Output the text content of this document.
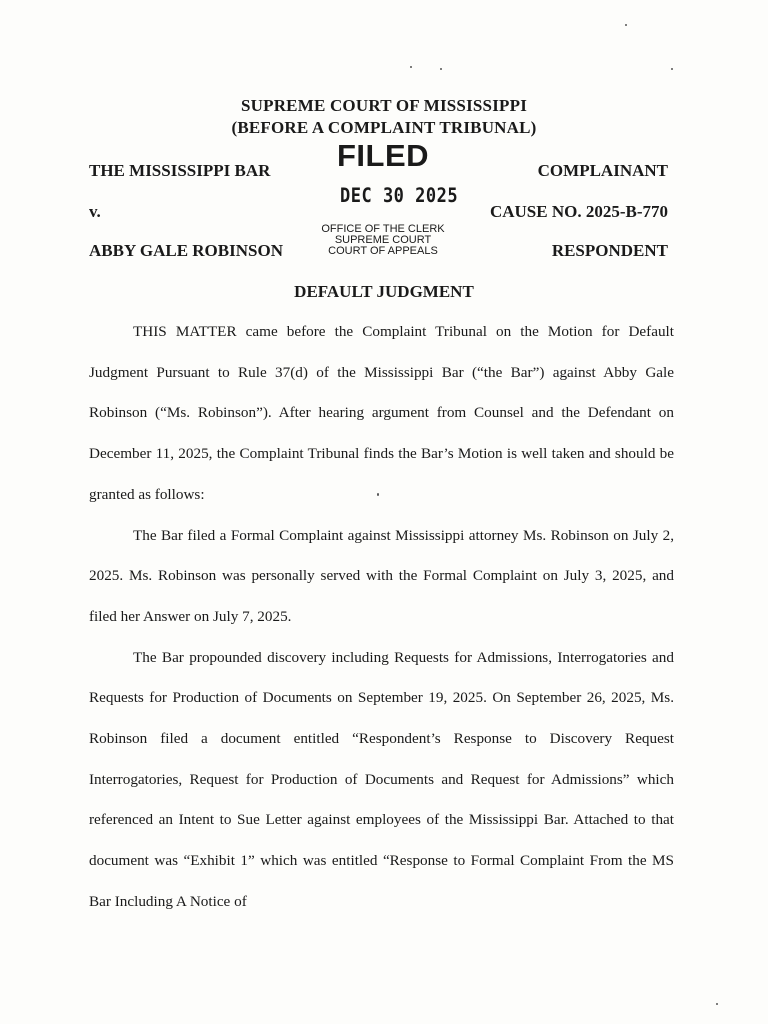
SUPREME COURT OF MISSISSIPPI
(BEFORE A COMPLAINT TRIBUNAL)
THE MISSISSIPPI BAR	COMPLAINANT
v.	CAUSE NO. 2025-B-770
ABBY GALE ROBINSON	RESPONDENT
FILED
DEC 30 2025
OFFICE OF THE CLERK
SUPREME COURT
COURT OF APPEALS
DEFAULT JUDGMENT

THIS MATTER came before the Complaint Tribunal on the Motion for Default Judgment Pursuant to Rule 37(d) of the Mississippi Bar (“the Bar”) against Abby Gale Robinson (“Ms. Robinson”). After hearing argument from Counsel and the Defendant on December 11, 2025, the Complaint Tribunal finds the Bar’s Motion is well taken and should be granted as follows:

The Bar filed a Formal Complaint against Mississippi attorney Ms. Robinson on July 2, 2025. Ms. Robinson was personally served with the Formal Complaint on July 3, 2025, and filed her Answer on July 7, 2025.

The Bar propounded discovery including Requests for Admissions, Interrogatories and Requests for Production of Documents on September 19, 2025. On September 26, 2025, Ms. Robinson filed a document entitled “Respondent’s Response to Discovery Request Interrogatories, Request for Production of Documents and Request for Admissions” which referenced an Intent to Sue Letter against employees of the Mississippi Bar. Attached to that document was “Exhibit 1” which was entitled “Response to Formal Complaint From the MS Bar Including A Notice of
